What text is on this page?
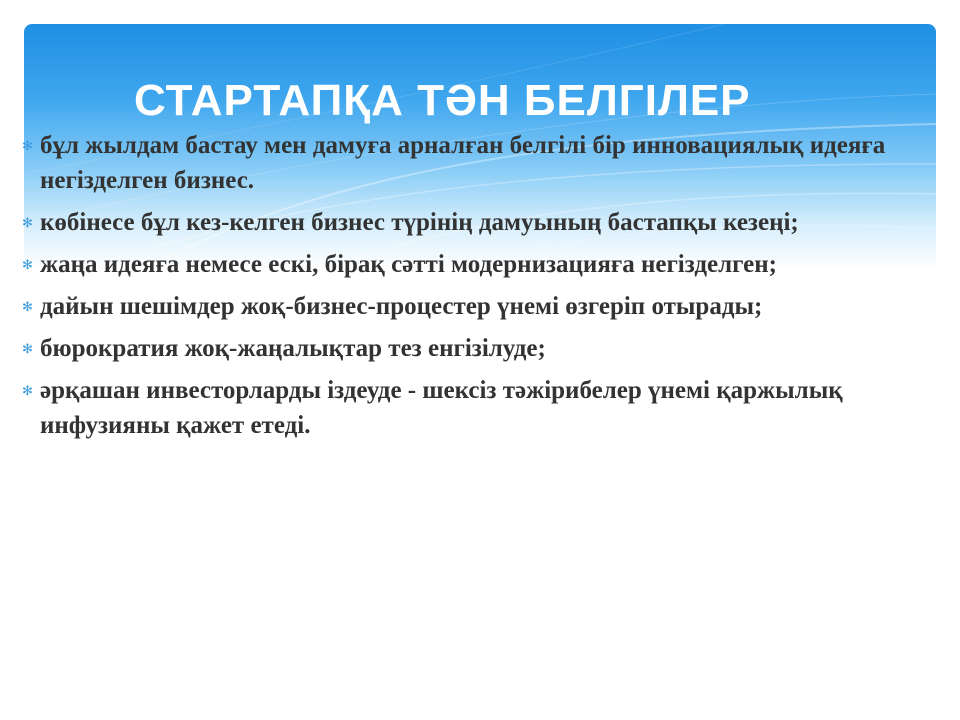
СТАРТАПҚА ТӘН БЕЛГІЛЕР
✻ бұл жылдам бастау мен дамуға арналған белгілі бір инновациялық идеяға негізделген бизнес.
✻ көбінесе бұл кез-келген бизнес түрінің дамуының бастапқы кезеңі;
✻ жаңа идеяға немесе ескі, бірақ сәтті модернизацияға негізделген;
✻ дайын шешімдер жоқ-бизнес-процестер үнемі өзгеріп отырады;
✻ бюрократия жоқ-жаңалықтар тез енгізілуде;
✻ әрқашан инвесторларды іздеуде - шексіз тәжірибелер үнемі қаржылық инфузияны қажет етеді.
